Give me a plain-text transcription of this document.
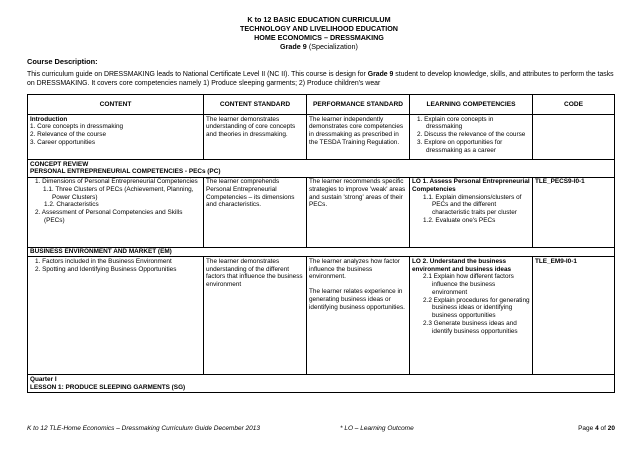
K to 12 BASIC EDUCATION CURRICULUM
TECHNOLOGY AND LIVELIHOOD EDUCATION
HOME ECONOMICS – DRESSMAKING
Grade 9 (Specialization)
Course Description:
This curriculum guide on DRESSMAKING leads to National Certificate Level II (NC II). This course is design for Grade 9 student to develop knowledge, skills, and attributes to perform the tasks on DRESSMAKING. It covers core competencies namely 1) Produce sleeping garments; 2) Produce children's wear
CONTENT	CONTENT STANDARD	PERFORMANCE STANDARD	LEARNING COMPETENCIES	CODE

Introduction
1. Core concepts in dressmaking
2. Relevance of the course
3. Career opportunities	The learner demonstrates understanding of core concepts and theories in dressmaking.	The learner independently demonstrates core competencies in dressmaking as prescribed in the TESDA Training Regulation.	1. Explain core concepts in dressmaking
2. Discuss the relevance of the course
3. Explore on opportunities for dressmaking as a career	

CONCEPT REVIEW
PERSONAL ENTREPRENEURIAL COMPETENCIES - PECs (PC)				

1. Dimensions of Personal Entrepreneurial Competencies
1.1. Three Clusters of PECs (Achievement, Planning, Power Clusters)
1.2. Characteristics
2. Assessment of Personal Competencies and Skills (PECs)	The learner comprehends Personal Entrepreneurial Competencies – its dimensions and characteristics.	The learner recommends specific strategies to improve 'weak' areas and sustain 'strong' areas of their PECs.	LO 1. Assess Personal Entrepreneurial Competencies
1.1. Explain dimensions/clusters of PECs and the different characteristic traits per cluster
1.2. Evaluate one's PECs	TLE_PECS9-I0-1
BUSINESS ENVIRONMENT AND MARKET (EM)				

1. Factors included in the Business Environment
2. Spotting and Identifying Business Opportunities	The learner demonstrates understanding of the different factors that influence the business environment	The learner analyzes how factor influence the business environment.
The learner relates experience in generating business ideas or identifying business opportunities.	LO 2. Understand the business environment and business ideas
2.1 Explain how different factors influence the business environment
2.2 Explain procedures for generating business ideas or identifying business opportunities
2.3 Generate business ideas and identify business opportunities	TLE_EM9-I0-1

Quarter I
LESSON 1: PRODUCE SLEEPING GARMENTS (SG)				
K to 12 TLE-Home Economics – Dressmaking Curriculum Guide December 2013	* LO – Learning Outcome	Page 4 of 20
